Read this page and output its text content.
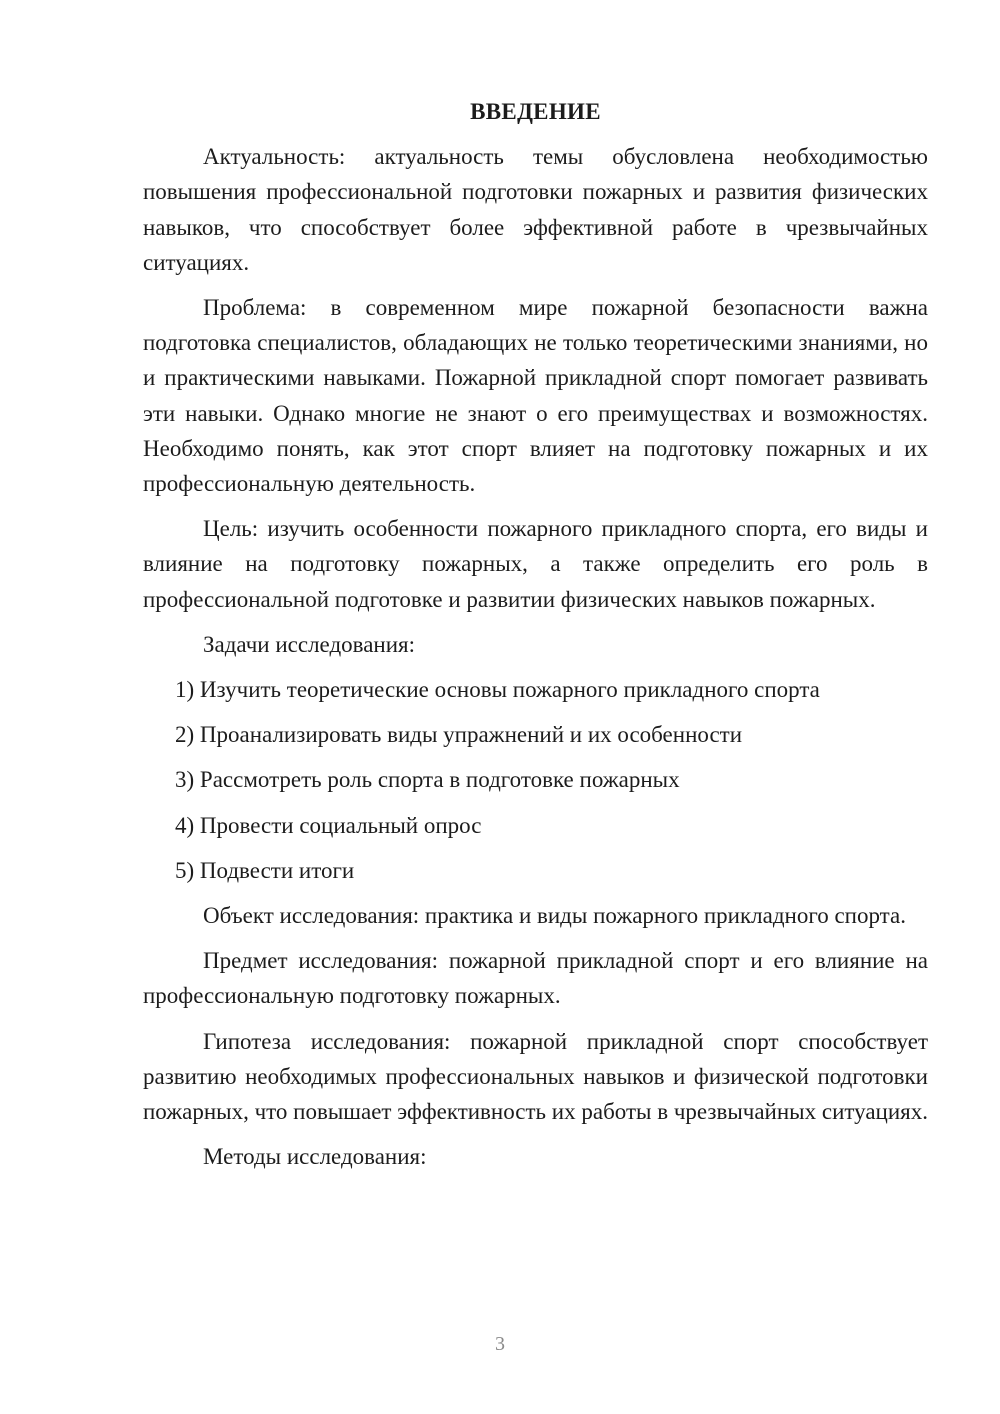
ВВЕДЕНИЕ

Актуальность: актуальность темы обусловлена необходимостью повышения профессиональной подготовки пожарных и развития физических навыков, что способствует более эффективной работе в чрезвычайных ситуациях.

Проблема: в современном мире пожарной безопасности важна подготовка специалистов, обладающих не только теоретическими знаниями, но и практическими навыками. Пожарной прикладной спорт помогает развивать эти навыки. Однако многие не знают о его преимуществах и возможностях. Необходимо понять, как этот спорт влияет на подготовку пожарных и их профессиональную деятельность.

Цель: изучить особенности пожарного прикладного спорта, его виды и влияние на подготовку пожарных, а также определить его роль в профессиональной подготовке и развитии физических навыков пожарных.

Задачи исследования:

1) Изучить теоретические основы пожарного прикладного спорта

2) Проанализировать виды упражнений и их особенности

3) Рассмотреть роль спорта в подготовке пожарных

4) Провести социальный опрос

5) Подвести итоги

Объект исследования: практика и виды пожарного прикладного спорта.

Предмет исследования: пожарной прикладной спорт и его влияние на профессиональную подготовку пожарных.

Гипотеза исследования: пожарной прикладной спорт способствует развитию необходимых профессиональных навыков и физической подготовки пожарных, что повышает эффективность их работы в чрезвычайных ситуациях.

Методы исследования:

3
